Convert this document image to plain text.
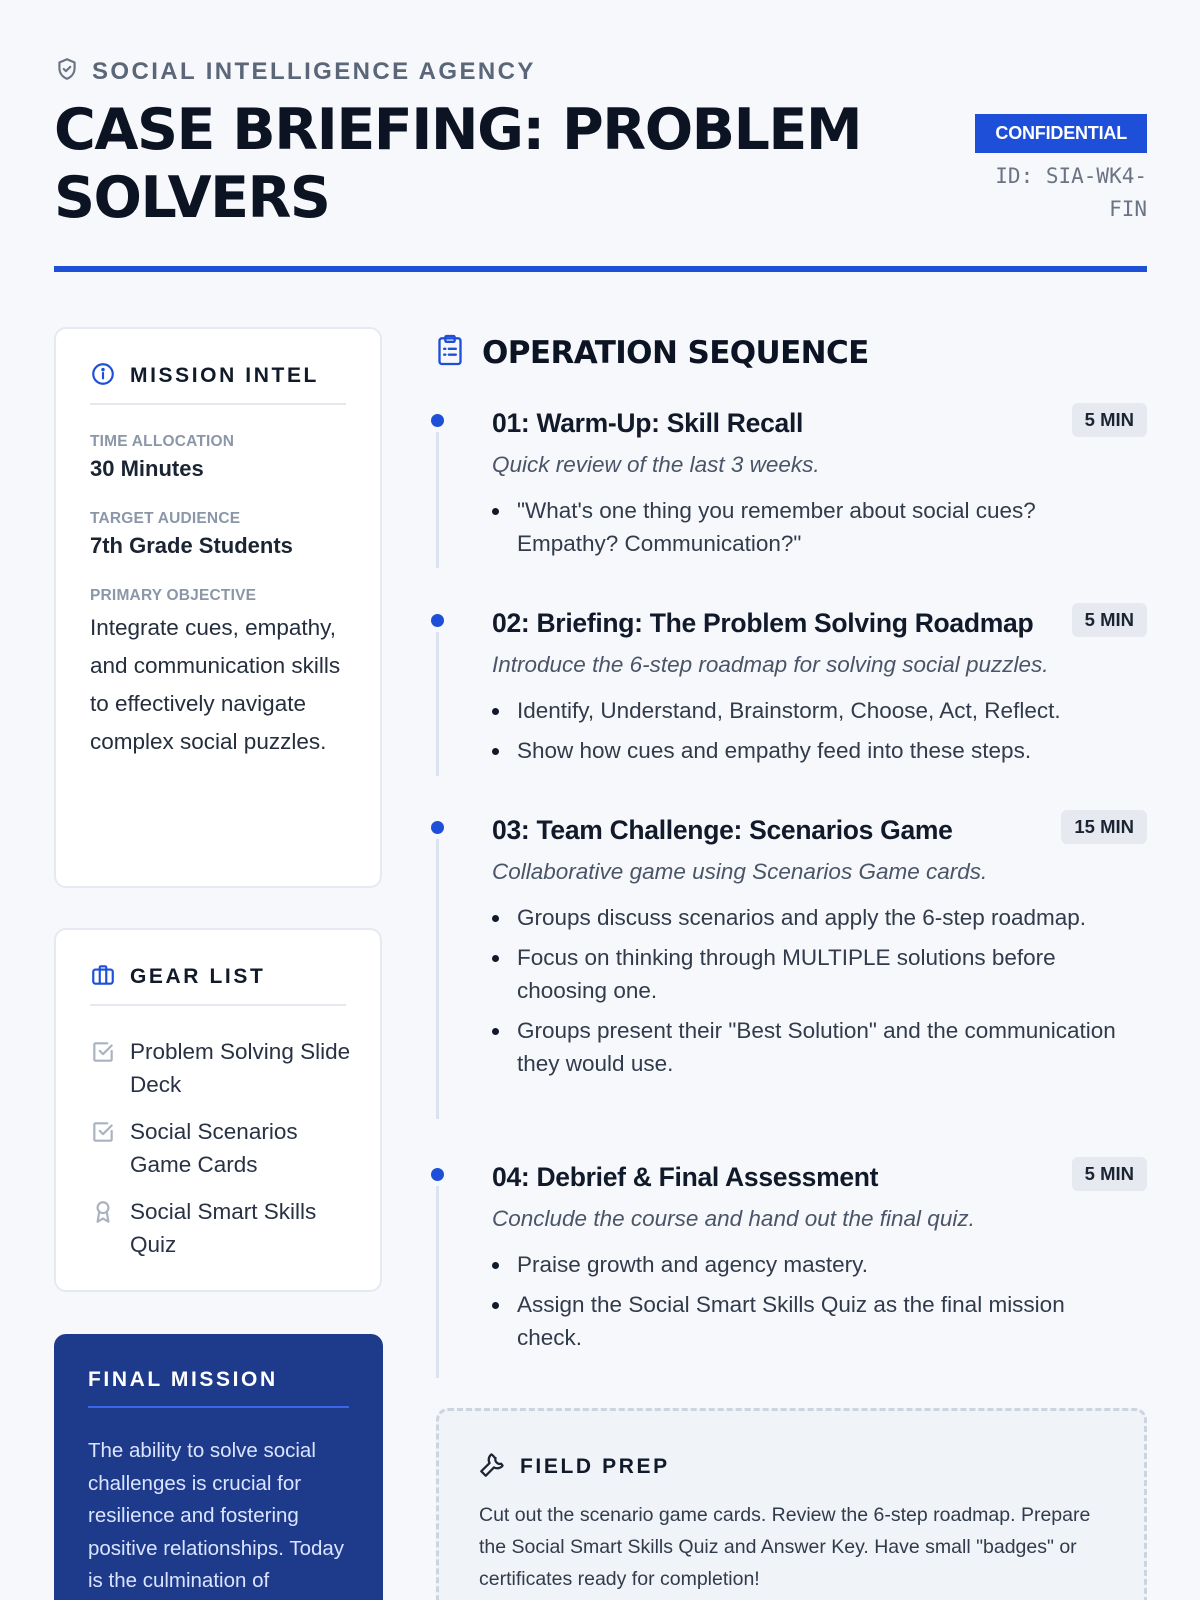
SOCIAL INTELLIGENCE AGENCY
CASE BRIEFING: PROBLEM SOLVERS
CONFIDENTIAL
ID: SIA-WK4-FIN
MISSION INTEL
TIME ALLOCATION
30 Minutes
TARGET AUDIENCE
7th Grade Students
PRIMARY OBJECTIVE
Integrate cues, empathy, and communication skills to effectively navigate complex social puzzles.
GEAR LIST
Problem Solving Slide Deck
Social Scenarios Game Cards
Social Smart Skills Quiz
FINAL MISSION
The ability to solve social challenges is crucial for resilience and fostering positive relationships. Today is the culmination of
OPERATION SEQUENCE
01: Warm-Up: Skill Recall	5 MIN
Quick review of the last 3 weeks.
"What's one thing you remember about social cues? Empathy? Communication?"
02: Briefing: The Problem Solving Roadmap	5 MIN
Introduce the 6-step roadmap for solving social puzzles.
Identify, Understand, Brainstorm, Choose, Act, Reflect.
Show how cues and empathy feed into these steps.
03: Team Challenge: Scenarios Game	15 MIN
Collaborative game using Scenarios Game cards.
Groups discuss scenarios and apply the 6-step roadmap.
Focus on thinking through MULTIPLE solutions before choosing one.
Groups present their "Best Solution" and the communication they would use.
04: Debrief & Final Assessment	5 MIN
Conclude the course and hand out the final quiz.
Praise growth and agency mastery.
Assign the Social Smart Skills Quiz as the final mission check.
FIELD PREP
Cut out the scenario game cards. Review the 6-step roadmap. Prepare the Social Smart Skills Quiz and Answer Key. Have small "badges" or certificates ready for completion!
